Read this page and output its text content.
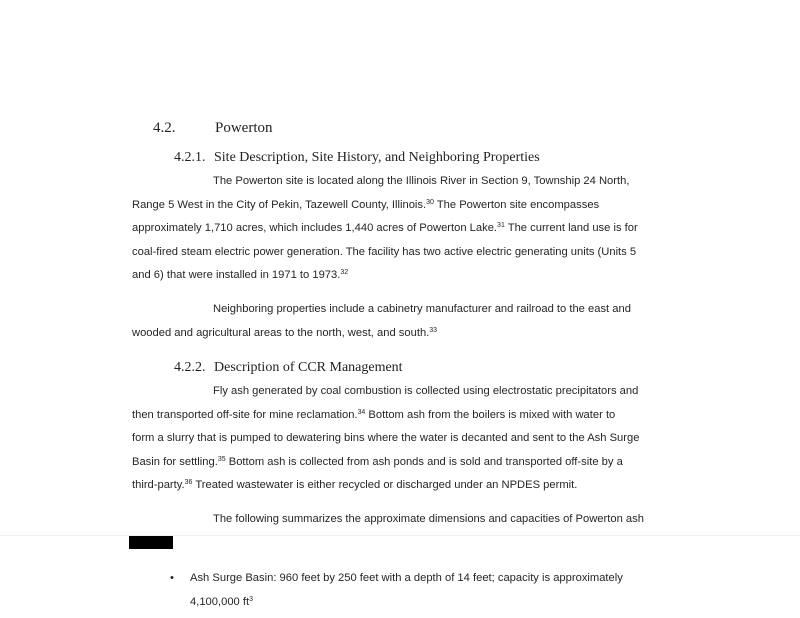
4.2.	Powerton
4.2.1. Site Description, Site History, and Neighboring Properties
The Powerton site is located along the Illinois River in Section 9, Township 24 North,
Range 5 West in the City of Pekin, Tazewell County, Illinois.$^{30}$ The Powerton site encompasses
approximately 1,710 acres, which includes 1,440 acres of Powerton Lake.$^{31}$ The current land use is for
coal-fired steam electric power generation. The facility has two active electric generating units (Units 5
and 6) that were installed in 1971 to 1973.32
Neighboring properties include a cabinetry manufacturer and railroad to the east and
wooded and agricultural areas to the north, west, and south.$^{33}$
4.2.2. Description of CCR Management
Fly ash generated by coal combustion is collected using electrostatic precipitators and
then transported off-site for mine reclamation.$^{34}$ Bottom ash from the boilers is mixed with water to
form a slurry that is pumped to dewatering bins where the water is decanted and sent to the Ash Surge
Basin for settling.$^{35}$ Bottom ash is collected from ash ponds and is sold and transported off-site by a
third-party.$^{36}$ Treated wastewater is either recycled or discharged under an NPDES permit.
The following summarizes the approximate dimensions and capacities of Powerton ash
• Ash Surge Basin: 960 feet by 250 feet with a depth of 14 feet; capacity is approximately
4,100,000 $ft^3$
